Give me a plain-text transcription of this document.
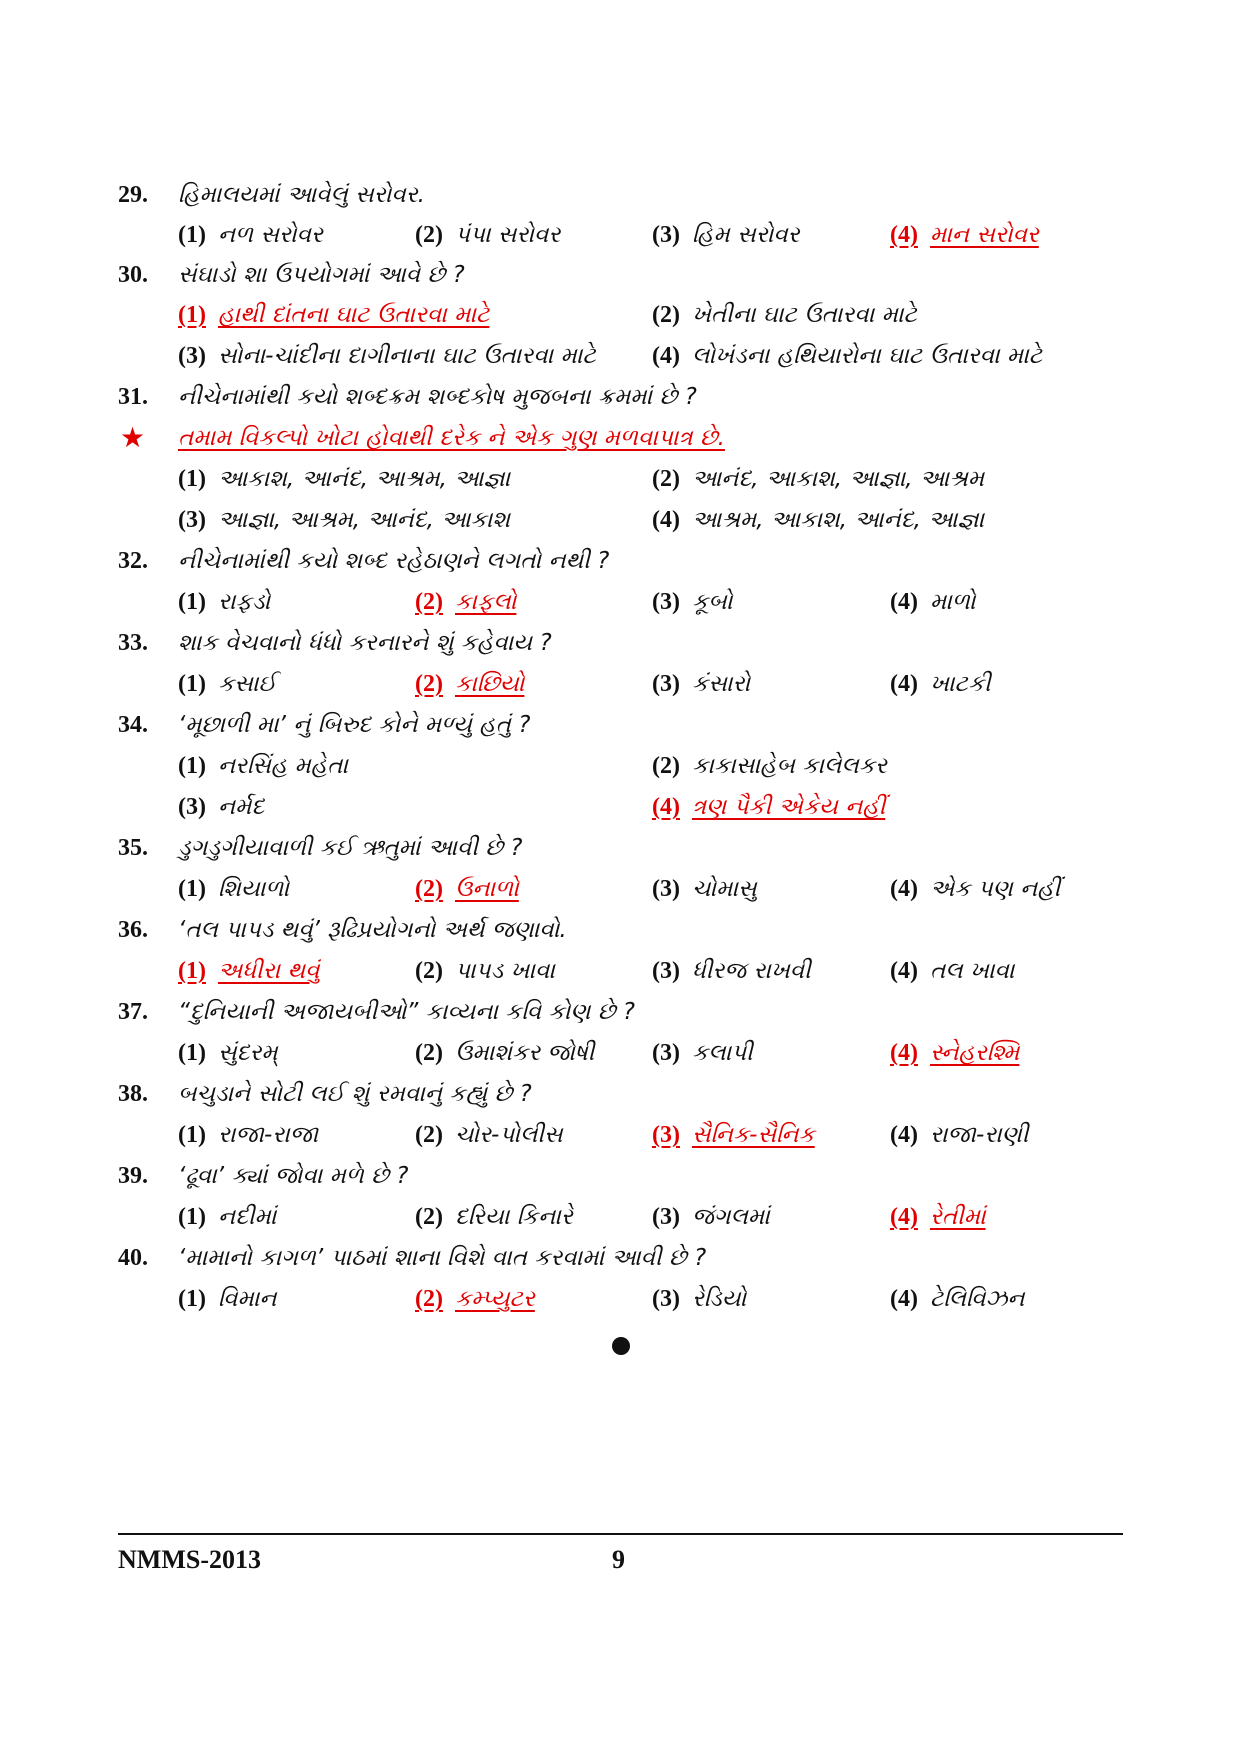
29.	હિમાલયમાં આવેલું સરોવર.
(1) નળ સરોવર	(2) પંપા સરોવર	(3) હિમ સરોવર	(4) માન સરોવર
30.	સંઘાડો શા ઉપયોગમાં આવે છે ?
(1) હાથી દાંતના ઘાટ ઉતારવા માટે	(2) ખેતીના ઘાટ ઉતારવા માટે
(3) સોના-ચાંદીના દાગીનાના ઘાટ ઉતારવા માટે (4) લોખંડના હથિયારોના ઘાટ ઉતારવા માટે
31.	નીચેનામાંથી કયો શબ્દક્રમ શબ્દકોષ મુજબના ક્રમમાં છે ?
★ તમામ વિકલ્પો ખોટા હોવાથી દરેક ને એક ગુણ મળવાપાત્ર છે.
(1) આકાશ, આનંદ, આશ્રમ, આજ્ઞા	(2) આનંદ, આકાશ, આજ્ઞા, આશ્રમ
(3) આજ્ઞા, આશ્રમ, આનંદ, આકાશ	(4) આશ્રમ, આકાશ, આનંદ, આજ્ઞા
32.	નીચેનામાંથી કયો શબ્દ રહેઠાણને લગતો નથી ?
(1) રાફડો	(2) કાફલો	(3) કૂબો	(4) માળો
33.	શાક વેચવાનો ધંધો કરનારને શું કહેવાય ?
(1) કસાઈ	(2) કાછિયો	(3) કંસારો	(4) ખાટકી
34.	‘મૂછાળી મા’ નું બિરુદ કોને મળ્યું હતું ?
(1) નરસિંહ મહેતા	(2) કાકાસાહેબ કાલેલકર
(3) નર્મદ	(4) ત્રણ પૈકી એકેય નહીં
35.	ડુગડુગીયાવાળી કઈ ઋતુમાં આવી છે ?
(1) શિયાળો	(2) ઉનાળો	(3) ચોમાસુ	(4) એક પણ નહીં
36.	‘તલ પાપડ થવું’ રૂઢિપ્રયોગનો અર્થ જણાવો.
(1) અધીરા થવું	(2) પાપડ ખાવા	(3) ધીરજ રાખવી	(4) તલ ખાવા
37.	“દુનિયાની અજાયબીઓ” કાવ્યના કવિ કોણ છે ?
(1) સુંદરમ્	(2) ઉમાશંકર જોષી (3) કલાપી	(4) સ્નેહરશ્મિ
38.	બચુડાને સોટી લઈ શું રમવાનું કહ્યું છે ?
(1) રાજા-રાજા	(2) ચોર-પોલીસ	(3) સૈનિક-સૈનિક	(4) રાજા-રાણી
39.	‘ઢૂવા’ ક્યાં જોવા મળે છે ?
(1) નદીમાં	(2) દરિયા કિનારે	(3) જંગલમાં	(4) રેતીમાં
40.	‘મામાનો કાગળ’ પાઠમાં શાના વિશે વાત કરવામાં આવી છે ?
(1) વિમાન	(2) કમ્પ્યુટર	(3) રેડિયો	(4) ટેલિવિઝન
NMMS-2013	9
